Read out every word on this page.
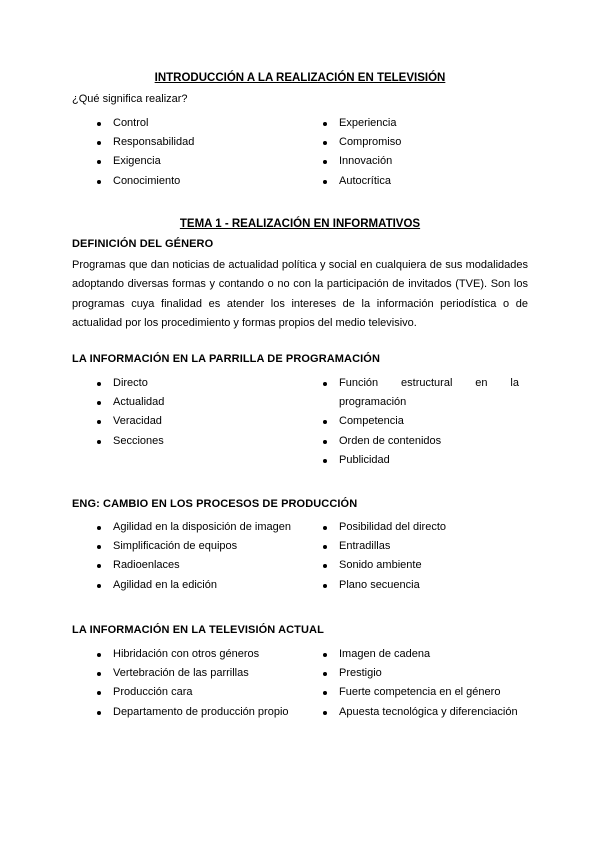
INTRODUCCIÓN A LA REALIZACIÓN EN TELEVISIÓN
¿Qué significa realizar?
Control
Responsabilidad
Exigencia
Conocimiento
Experiencia
Compromiso
Innovación
Autocrítica
TEMA 1 - REALIZACIÓN EN INFORMATIVOS
DEFINICIÓN DEL GÉNERO

Programas que dan noticias de actualidad política y social en cualquiera de sus modalidades adoptando diversas formas y contando o no con la participación de invitados (TVE). Son los programas cuya finalidad es atender los intereses de la información periodística o de actualidad por los procedimiento y formas propios del medio televisivo.

LA INFORMACIÓN EN LA PARRILLA DE PROGRAMACIÓN
Directo
Actualidad
Veracidad
Secciones
Función estructural en la
programación
Competencia
Orden de contenidos
Publicidad
ENG: CAMBIO EN LOS PROCESOS DE PRODUCCIÓN
Agilidad en la disposición de imagen
Simplificación de equipos
Radioenlaces
Agilidad en la edición
Posibilidad del directo
Entradillas
Sonido ambiente
Plano secuencia
LA INFORMACIÓN EN LA TELEVISIÓN ACTUAL
Hibridación con otros géneros
Vertebración de las parrillas
Producción cara
Departamento de producción propio
Imagen de cadena
Prestigio
Fuerte competencia en el género
Apuesta tecnológica y diferenciación
